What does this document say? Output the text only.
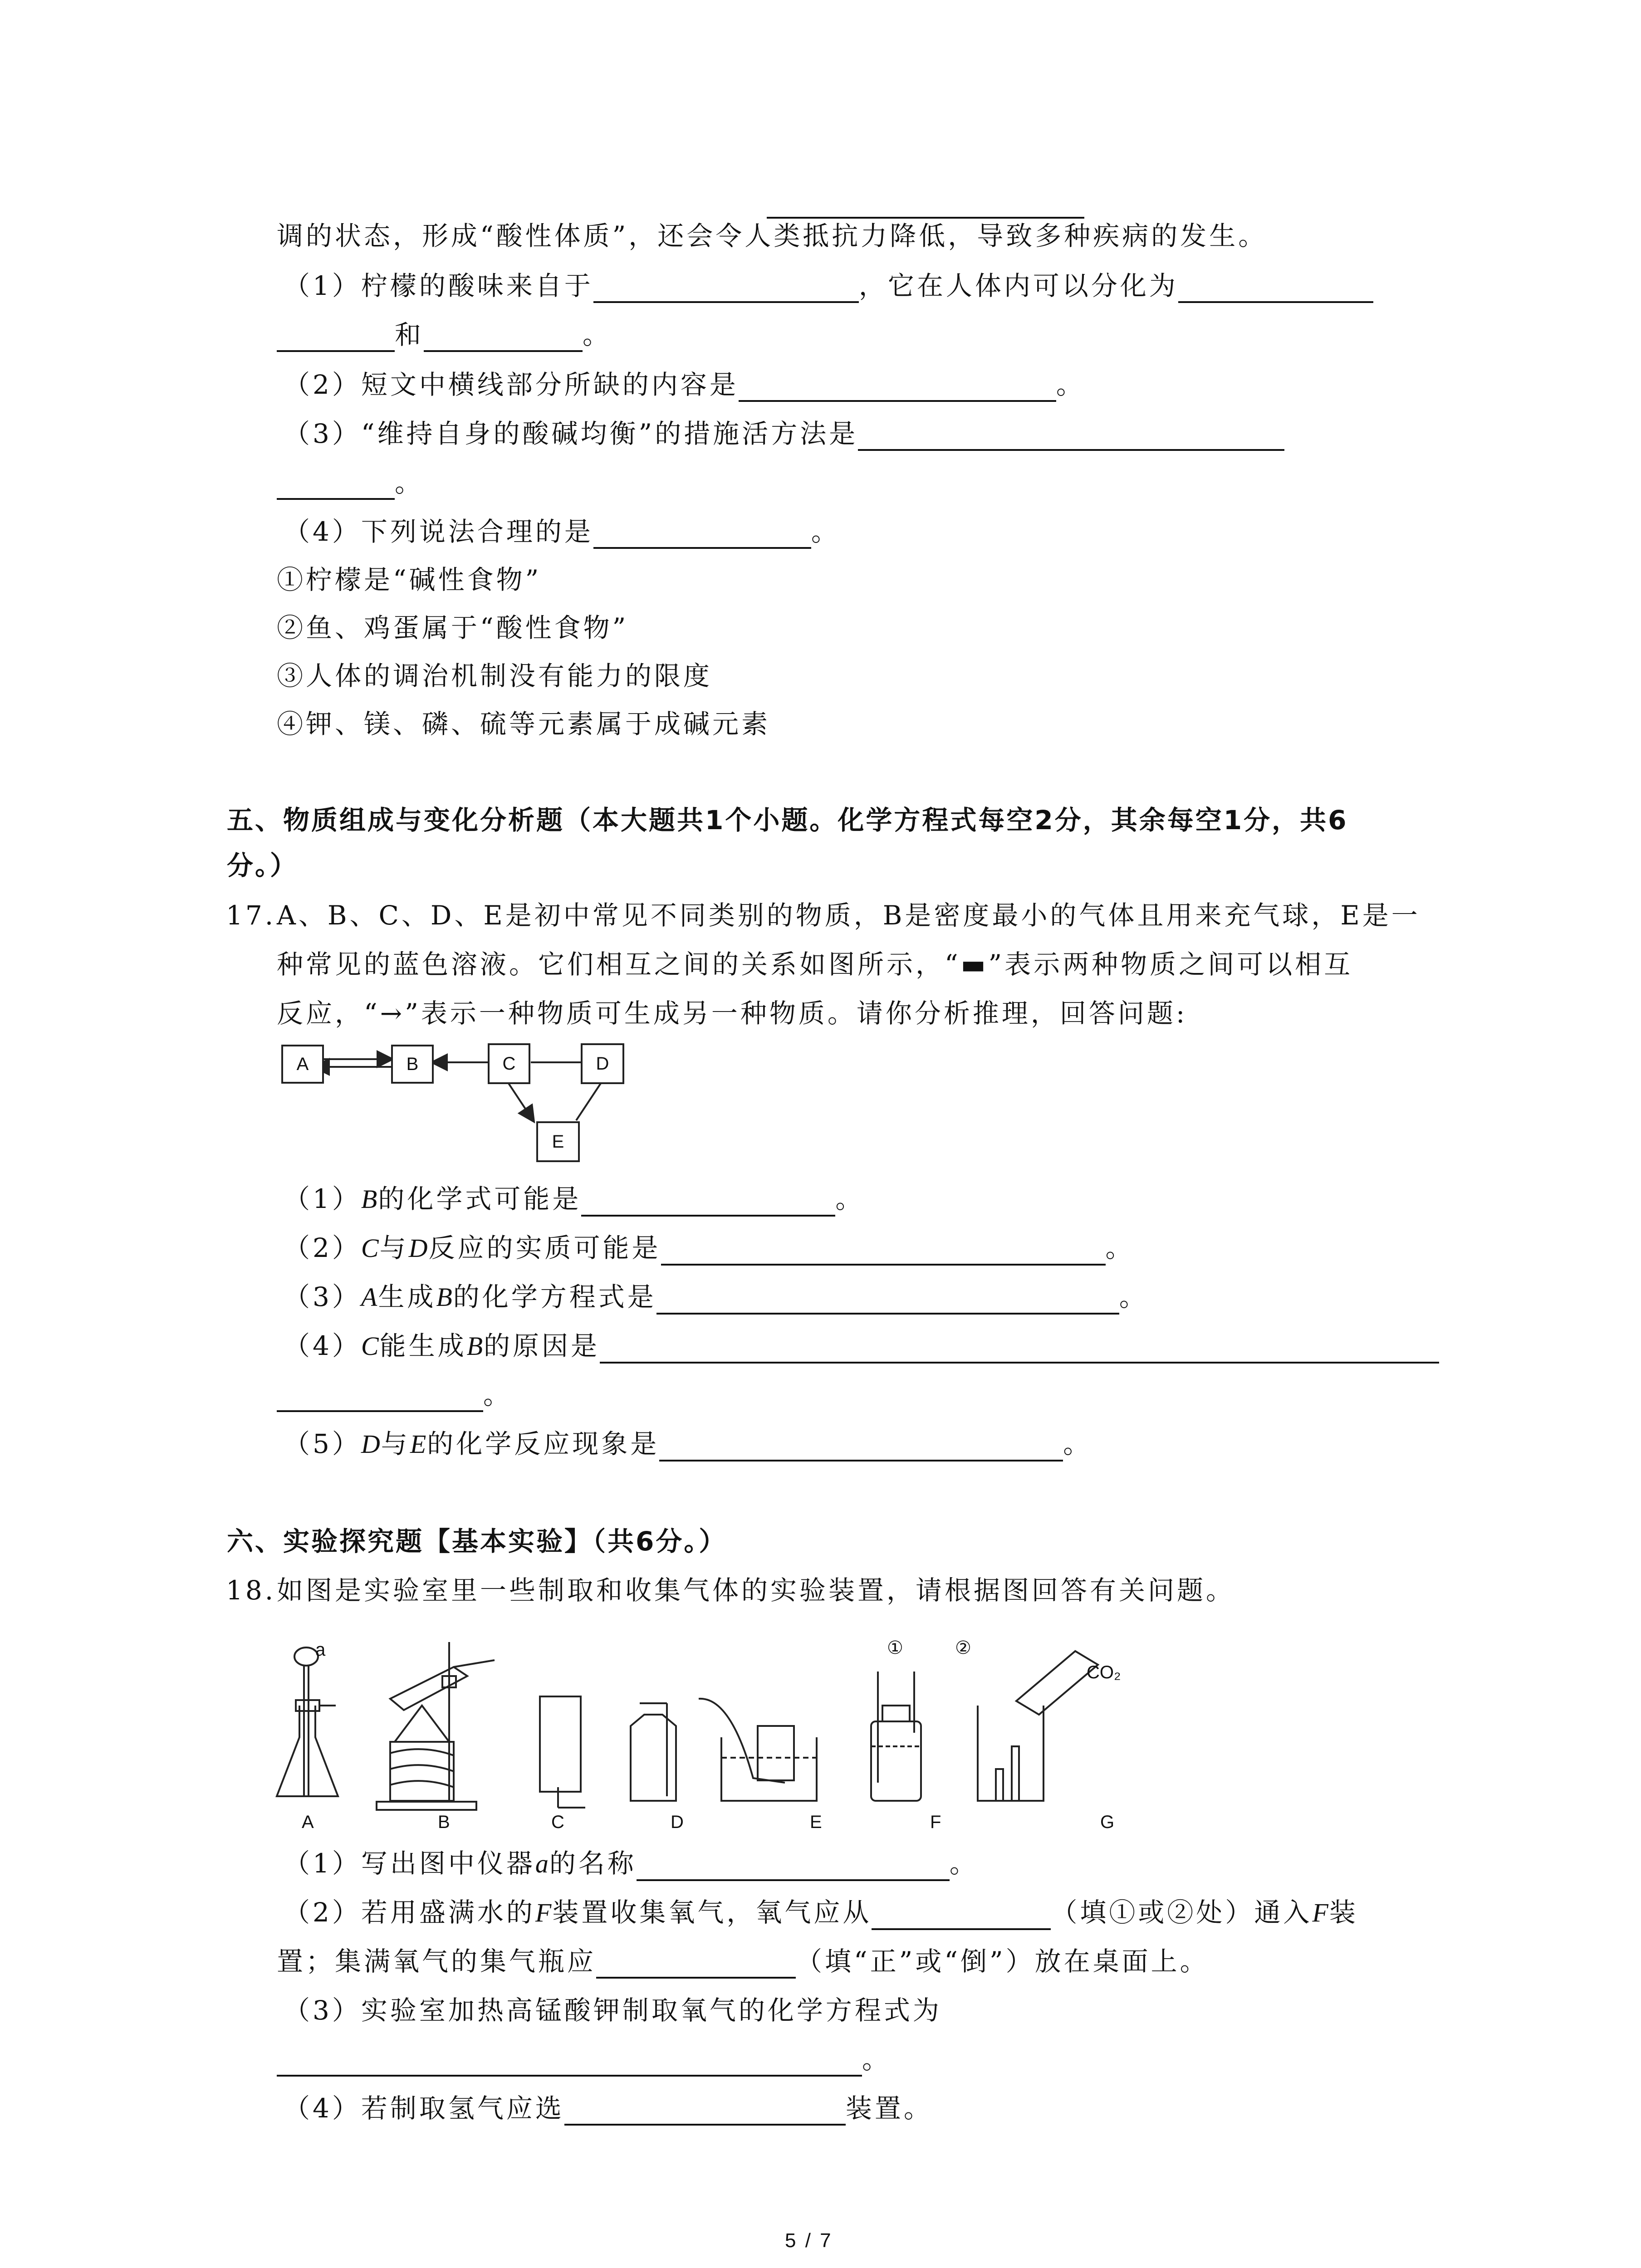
调的状态，形成“酸性体质”，还会令人类抵抗力降低，导致多种疾病的发生。
（1）柠檬的酸味来自于	，它在人体内可以分化为
和	。
（2）短文中横线部分所缺的内容是	。
（3）“维持自身的酸碱均衡”的措施活方法是
。
（4）下列说法合理的是	。
①柠檬是“碱性食物”
②鱼、鸡蛋属于“酸性食物”
③人体的调治机制没有能力的限度
④钾、镁、磷、硫等元素属于成碱元素
五、物质组成与变化分析题（本大题共1个小题。化学方程式每空2分，其余每空1分，共6
分。）
17. A、B、C、D、E是初中常见不同类别的物质，B是密度最小的气体且用来充气球，E是一
种常见的蓝色溶液。它们相互之间的关系如图所示，“▬”表示两种物质之间可以相互
反应，“→”表示一种物质可生成另一种物质。请你分析推理，回答问题:
A	B	C	D
E
（1）B的化学式可能是	。
（2）C与D反应的实质可能是	。
（3）A生成B的化学方程式是	。
（4）C能生成B的原因是
。
（5）D与E的化学反应现象是	。
六、实验探究题【基本实验】（共6分。）
18. 如图是实验室里一些制取和收集气体的实验装置，请根据图回答有关问题。
a	①	②
CO₂
A	B	C	D	E	F	G
（1）写出图中仪器a的名称	。
（2）若用盛满水的F装置收集氧气，氧气应从	（填①或②处）通入F装
置；集满氧气的集气瓶应	（填“正”或“倒”）放在桌面上。
（3）实验室加热高锰酸钾制取氧气的化学方程式为
。
（4）若制取氢气应选	装置。
5 / 7
